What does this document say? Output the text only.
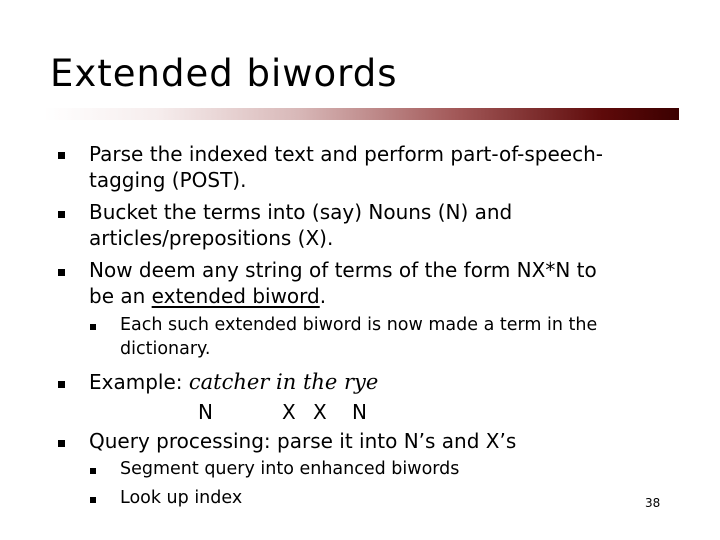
Extended biwords
Parse the indexed text and perform part-of-speech-
tagging (POST).
Bucket the terms into (say) Nouns (N) and
articles/prepositions (X).
Now deem any string of terms of the form NX*N to
be an extended biword.
Each such extended biword is now made a term in the
dictionary.
Example: catcher in the rye
N	X X N
Query processing: parse it into N’s and X’s
Segment query into enhanced biwords
Look up index	38
